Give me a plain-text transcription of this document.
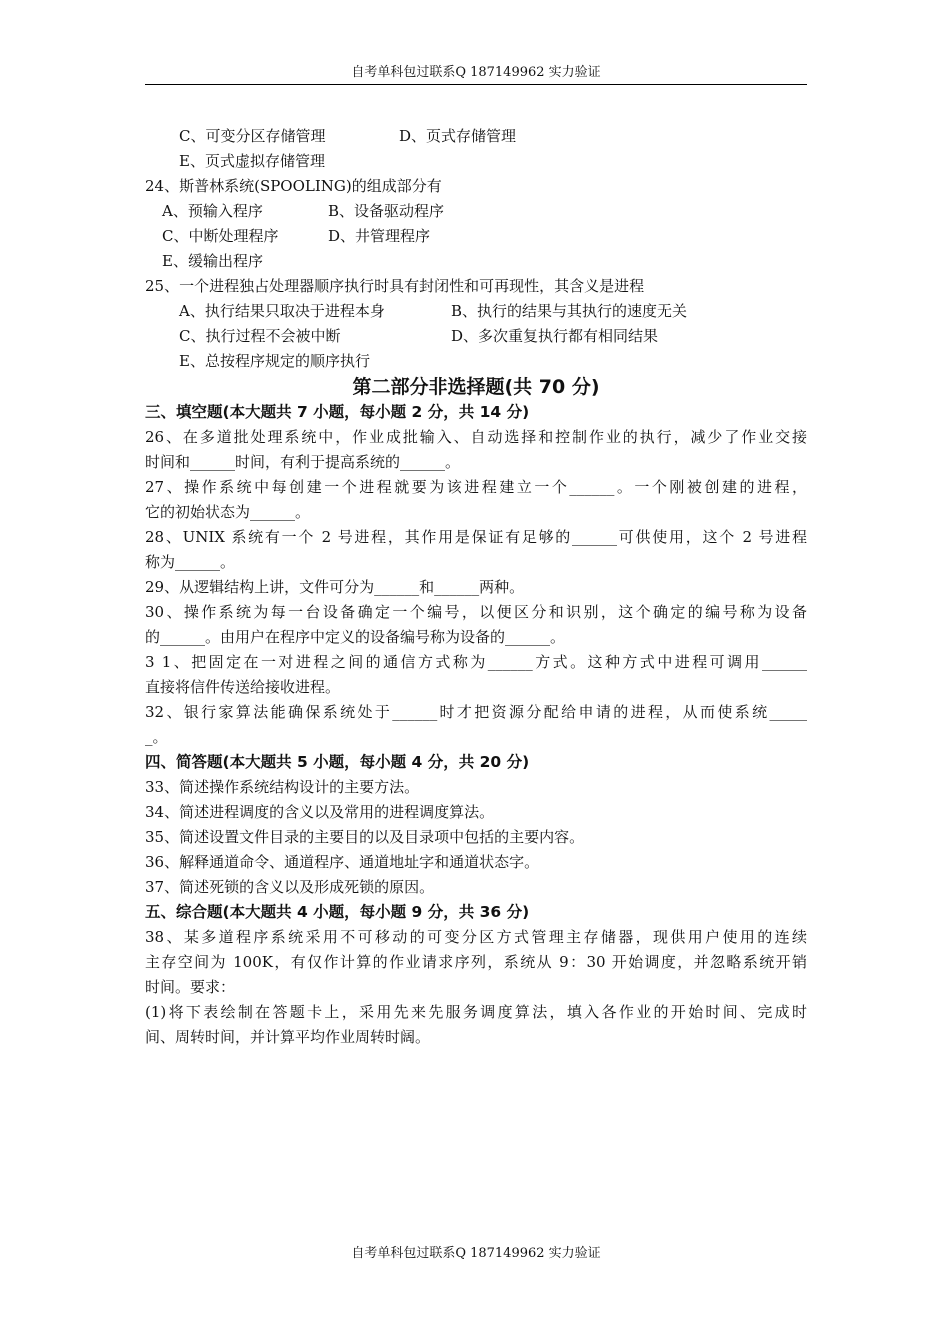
自考单科包过联系Q 187149962 实力验证
C、可变分区存储管理	D、页式存储管理
E、页式虚拟存储管理
24、斯普林系统(SPOOLING)的组成部分有
A、预输入程序	B、设备驱动程序
C、中断处理程序	D、井管理程序
E、缓输出程序
25、一个进程独占处理器顺序执行时具有封闭性和可再现性，其含义是进程
A、执行结果只取决于进程本身	B、执行的结果与其执行的速度无关
C、执行过程不会被中断	D、多次重复执行都有相同结果
E、总按程序规定的顺序执行
第二部分非选择题(共 70 分)
三、填空题(本大题共 7 小题，每小题 2 分，共 14 分)
26、在多道批处理系统中，作业成批输入、自动选择和控制作业的执行，减少了作业交接
时间和______时间，有利于提高系统的______。
27、操作系统中每创建一个进程就要为该进程建立一个______。一个刚被创建的进程，
它的初始状态为______。
28、UNIX 系统有一个 2 号进程，其作用是保证有足够的______可供使用，这个 2 号进程
称为______。
29、从逻辑结构上讲，文件可分为______和______两种。
30、操作系统为每一台设备确定一个编号，以便区分和识别，这个确定的编号称为设备
的______。由用户在程序中定义的设备编号称为设备的______。
3 1、把固定在一对进程之间的通信方式称为______方式。这种方式中进程可调用______
直接将信件传送给接收进程。
32、银行家算法能确保系统处于______时才把资源分配给申请的进程，从而使系统_____
_。
四、简答题(本大题共 5 小题，每小题 4 分，共 20 分)
33、简述操作系统结构设计的主要方法。
34、简述进程调度的含义以及常用的进程调度算法。
35、简述设置文件目录的主要目的以及目录项中包括的主要内容。
36、解释通道命令、通道程序、通道地址字和通道状态字。
37、简述死锁的含义以及形成死锁的原因。
五、综合题(本大题共 4 小题，每小题 9 分，共 36 分)
38、某多道程序系统采用不可移动的可变分区方式管理主存储器，现供用户使用的连续
主存空间为 100K，有仅作计算的作业请求序列，系统从 9：30 开始调度，并忽略系统开销
时间。要求：
(1)将下表绘制在答题卡上，采用先来先服务调度算法，填入各作业的开始时间、完成时
间、周转时间，并计算平均作业周转时阔。
自考单科包过联系Q 187149962 实力验证
